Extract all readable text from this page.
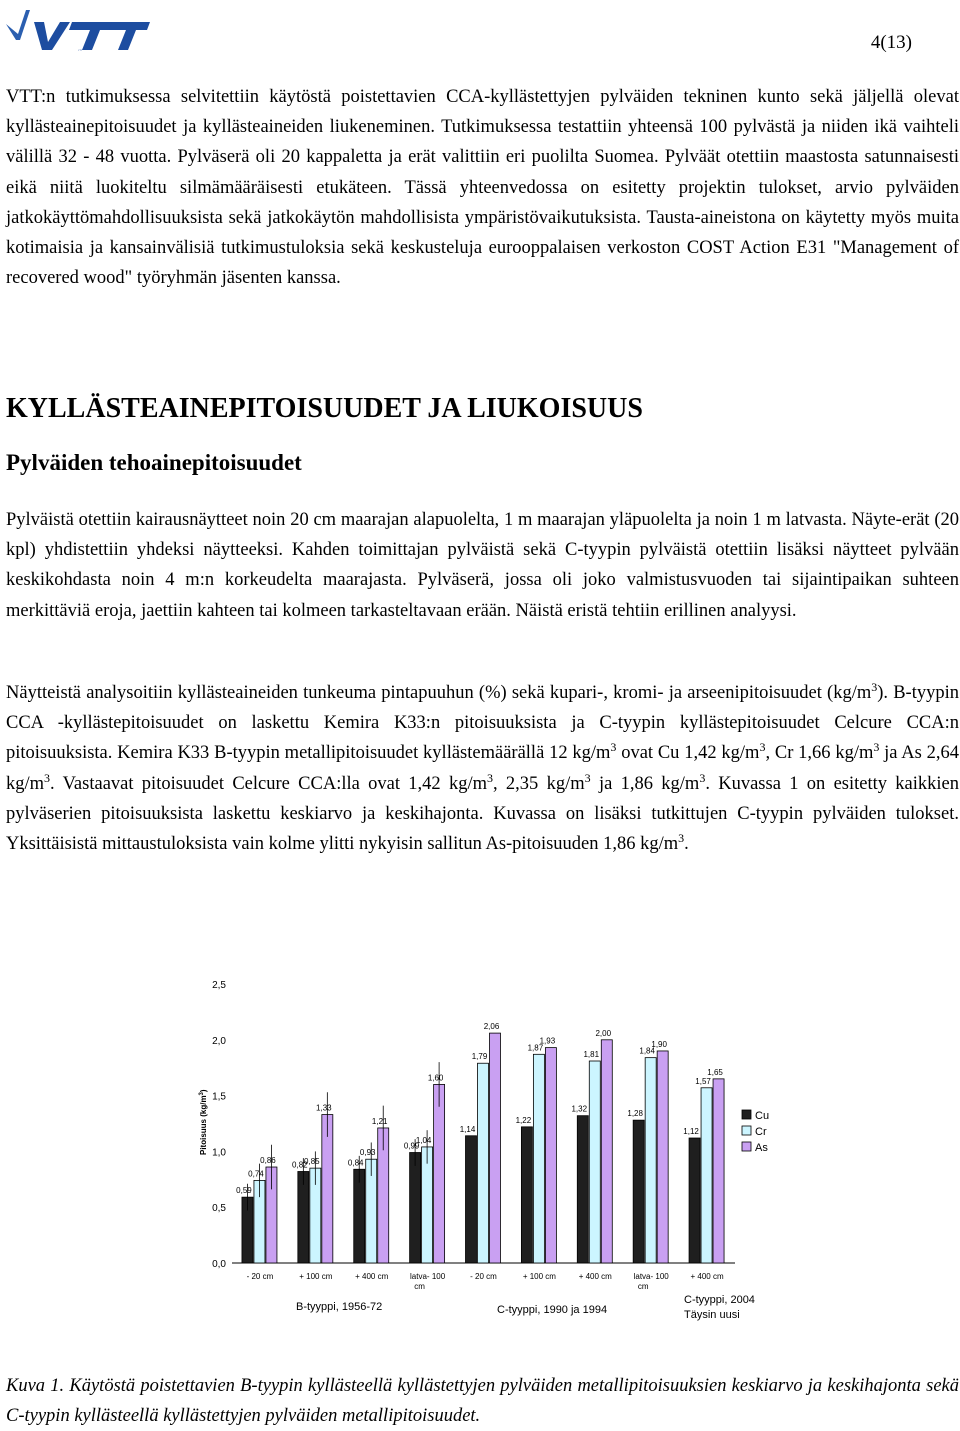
VTT	4(13)

VTT:n tutkimuksessa selvitettiin käytöstä poistettavien CCA-kyllästettyjen pylväiden tekninen kunto sekä jäljellä olevat kyllästeainepitoisuudet ja kyllästeaineiden liukeneminen. Tutkimuksessa testattiin yhteensä 100 pylvästä ja niiden ikä vaihteli välillä 32 - 48 vuotta. Pylväserä oli 20 kappaletta ja erät valittiin eri puolilta Suomea. Pylväät otettiin maastosta satunnaisesti eikä niitä luokiteltu silmämääräisesti etukäteen. Tässä yhteenvedossa on esitetty projektin tulokset, arvio pylväiden jatkokäyttömahdollisuuksista sekä jatkokäytön mahdollisista ympäristövaikutuksista. Tausta-aineistona on käytetty myös muita kotimaisia ja kansainvälisiä tutkimustuloksia sekä keskusteluja eurooppalaisen verkoston COST Action E31 "Management of recovered wood" työryhmän jäsenten kanssa.

KYLLÄSTEAINEPITOISUUDET JA LIUKOISUUS
Pylväiden tehoainepitoisuudet

Pylväistä otettiin kairausnäytteet noin 20 cm maarajan alapuolelta, 1 m maarajan yläpuolelta ja noin 1 m latvasta. Näyte-erät (20 kpl) yhdistettiin yhdeksi näytteeksi. Kahden toimittajan pylväistä sekä C-tyypin pylväistä otettiin lisäksi näytteet pylvään keskikohdasta noin 4 m:n korkeudelta maarajasta. Pylväserä, jossa oli joko valmistusvuoden tai sijaintipaikan suhteen merkittäviä eroja, jaettiin kahteen tai kolmeen tarkasteltavaan erään. Näistä eristä tehtiin erillinen analyysi.

Näytteistä analysoitiin kyllästeaineiden tunkeuma pintapuuhun (%) sekä kupari-, kromi- ja arseenipitoisuudet $(kg/m^3)$. B-tyypin CCA -kyllästepitoisuudet on laskettu Kemira K33:n pitoisuuksista ja C-tyypin kyllästepitoisuudet Celcure CCA:n pitoisuuksista. Kemira K33 B-tyypin metallipitoisuudet kyllästemäärällä 12 $kg/m^3$ ovat Cu 1,42 $kg/m^3$, Cr 1,66 $kg/m^3$ ja As 2,64 $kg/m^3$. Vastaavat pitoisuudet Celcure CCA:lla ovat 1,42 $kg/m^3$, 2,35 $kg/m^3$ ja 1,86 $kg/m^3$. Kuvassa 1 on esitetty kaikkien pylväserien pitoisuuksista laskettu keskiarvo ja keskihajonta. Kuvassa on lisäksi tutkittujen C-tyypin pylväiden tulokset. Yksittäisistä mittaustuloksista vain kolme ylitti nykyisin sallitun As-pitoisuuden 1,86 $kg/m^3$.

0,0
0,5
1,0
1,5
2,0
2,5
Pitoisuus $(kg/m^3)$
0,59
0,74
0,86
- 20 cm
0,82
0,85
1,33
+ 100 cm
0,84
0,93
1,21
+ 400 cm
0,99
1,04
1,60
latva- 100
cm
1,14
1,79
2,06
- 20 cm
1,22
1,87
1,93
+ 100 cm
1,32
1,81
2,00
+ 400 cm
1,28
1,84
1,90
latva- 100
cm
1,12
1,57
1,65
+ 400 cm
B-tyyppi, 1956-72	C-tyyppi, 1990 ja 1994
C-tyyppi, 2004
Täysin uusi
Cu
Cr
As

Kuva 1. Käytöstä poistettavien B-tyypin kyllästeellä kyllästettyjen pylväiden metallipitoisuuksien keskiarvo ja keskihajonta sekä C-tyypin kyllästeellä kyllästettyjen pylväiden metallipitoisuudet.
